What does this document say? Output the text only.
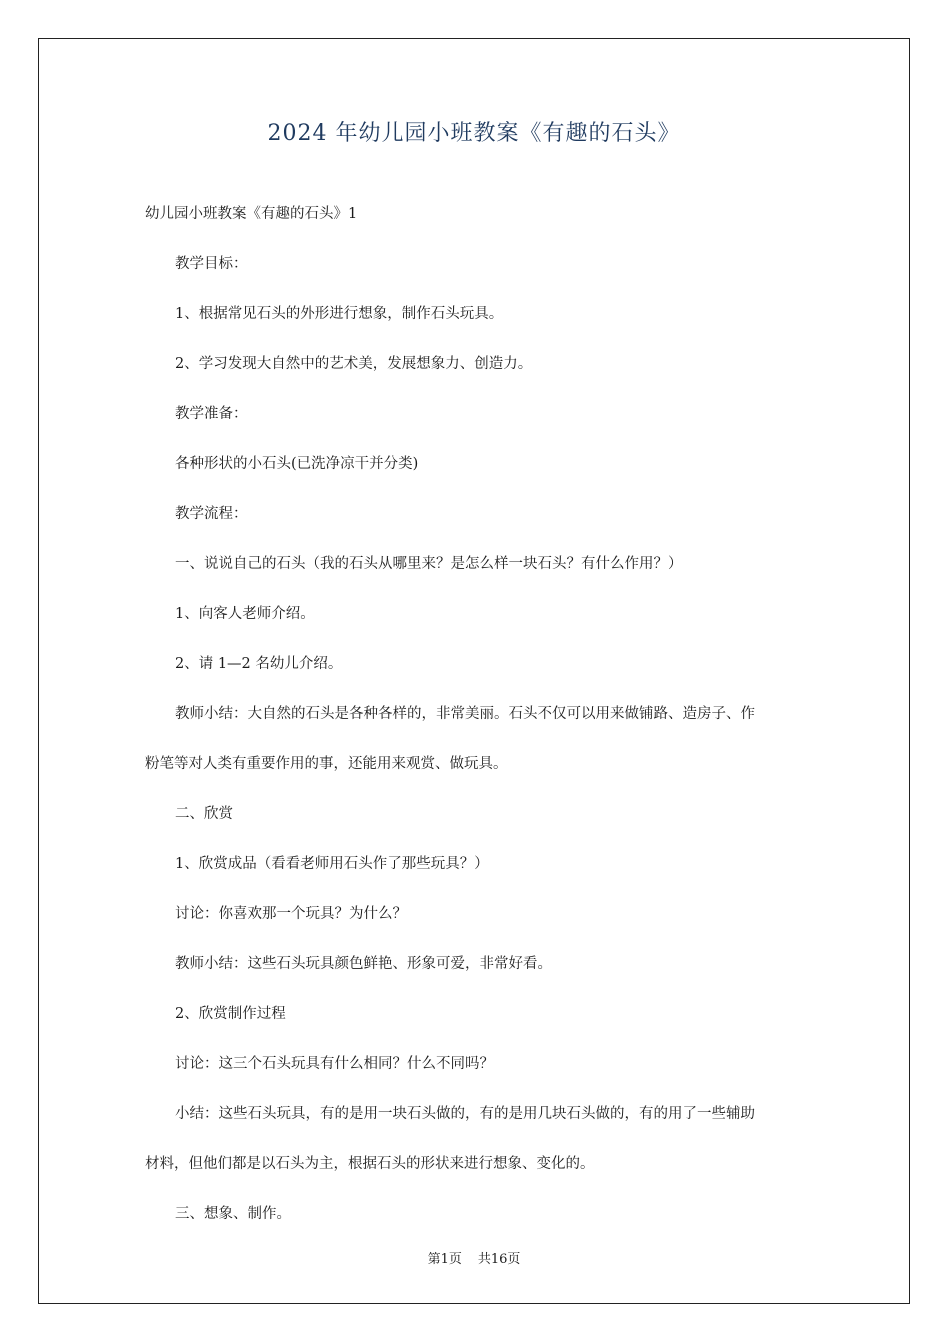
2024 年幼儿园小班教案《有趣的石头》

幼儿园小班教案《有趣的石头》1

教学目标：

1、根据常见石头的外形进行想象，制作石头玩具。

2、学习发现大自然中的艺术美，发展想象力、创造力。

教学准备：

各种形状的小石头(已洗净凉干并分类)

教学流程：

一、说说自己的石头（我的石头从哪里来？是怎么样一块石头？有什么作用？）

1、向客人老师介绍。

2、请 1—2 名幼儿介绍。

教师小结：大自然的石头是各种各样的，非常美丽。石头不仅可以用来做铺路、造房子、作

粉笔等对人类有重要作用的事，还能用来观赏、做玩具。

二、欣赏

1、欣赏成品（看看老师用石头作了那些玩具？）

讨论：你喜欢那一个玩具？为什么？

教师小结：这些石头玩具颜色鲜艳、形象可爱，非常好看。

2、欣赏制作过程

讨论：这三个石头玩具有什么相同？什么不同吗？

小结：这些石头玩具，有的是用一块石头做的，有的是用几块石头做的，有的用了一些辅助

材料，但他们都是以石头为主，根据石头的形状来进行想象、变化的。

三、想象、制作。

第1页 共16页
